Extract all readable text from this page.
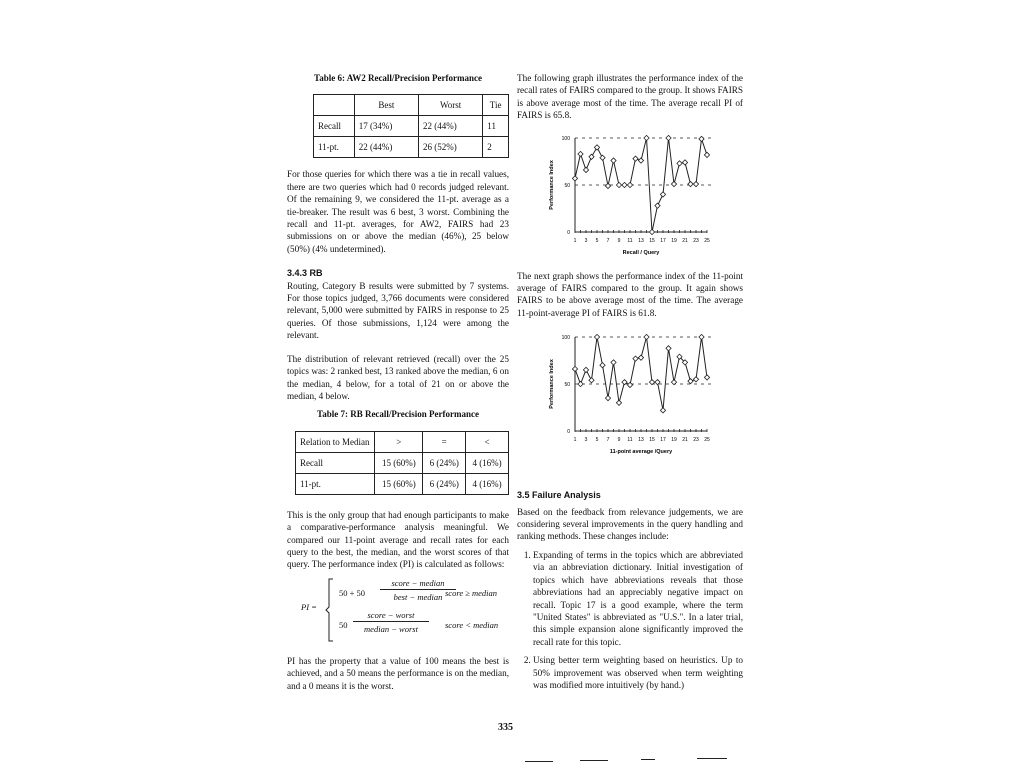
Table 6: AW2 Recall/Precision Performance
	Best	Worst	Tie
Recall	17 (34%)	22 (44%)	11
11-pt.	22 (44%)	26 (52%)	2

For those queries for which there was a tie in recall values, there are two queries which had 0 records judged relevant. Of the remaining 9, we considered the 11-pt. average as a tie-breaker. The result was 6 best, 3 worst. Combining the recall and 11-pt. averages, for AW2, FAIRS had 23 submissions on or above the median (46%), 25 below (50%) (4% undetermined).

3.4.3 RB

Routing, Category B results were submitted by 7 systems. For those topics judged, 3,766 documents were considered relevant, 5,000 were submitted by FAIRS in response to 25 queries. Of those submissions, 1,124 were among the relevant.

The distribution of relevant retrieved (recall) over the 25 topics was: 2 ranked best, 13 ranked above the median, 6 on the median, 4 below, for a total of 21 on or above the median, 4 below.

Table 7: RB Recall/Precision Performance
Relation to Median	>	=	<
Recall	15 (60%)	6 (24%)	4 (16%)
11-pt.	15 (60%)	6 (24%)	4 (16%)

This is the only group that had enough participants to make a comparative-performance analysis meaningful. We compared our 11-point average and recall rates for each query to the best, the median, and the worst scores of that query. The performance index (PI) is calculated as follows:

PI =
50 + 50
score − median
best − median score ≥ median
50
score − worst
median − worst	score < median

PI has the property that a value of 100 means the best is achieved, and a 50 means the performance is on the median, and a 0 means it is the worst.

The following graph illustrates the performance index of the recall rates of FAIRS compared to the group. It shows FAIRS is above average most of the time. The average recall PI of FAIRS is 65.8.

0
50
100
1 3 5 7 9 11 13 15 17 19 21 23 25
Recall / Query
Performance Index

The next graph shows the performance index of the 11-point average of FAIRS compared to the group. It again shows FAIRS to be above average most of the time. The average 11-point-average PI of FAIRS is 61.8.

0
50
100
1 3 5 7 9 11 13 15 17 19 21 23 25
11-point average /Query
Performance Index
3.5 Failure Analysis

Based on the feedback from relevance judgements, we are considering several improvements in the query handling and ranking methods. These changes include:

1. Expanding of terms in the topics which are abbreviated via an abbreviation dictionary. Initial investigation of topics which have abbreviations reveals that those abbreviations had an appreciably negative impact on recall. Topic 17 is a good example, where the term "United States" is abbreviated as "U.S.". In a later trial, this simple expansion alone significantly improved the recall rate for this topic.
2. Using better term weighting based on heuristics. Up to 50% improvement was observed when term weighting was modified more intuitively (by hand.)
335
